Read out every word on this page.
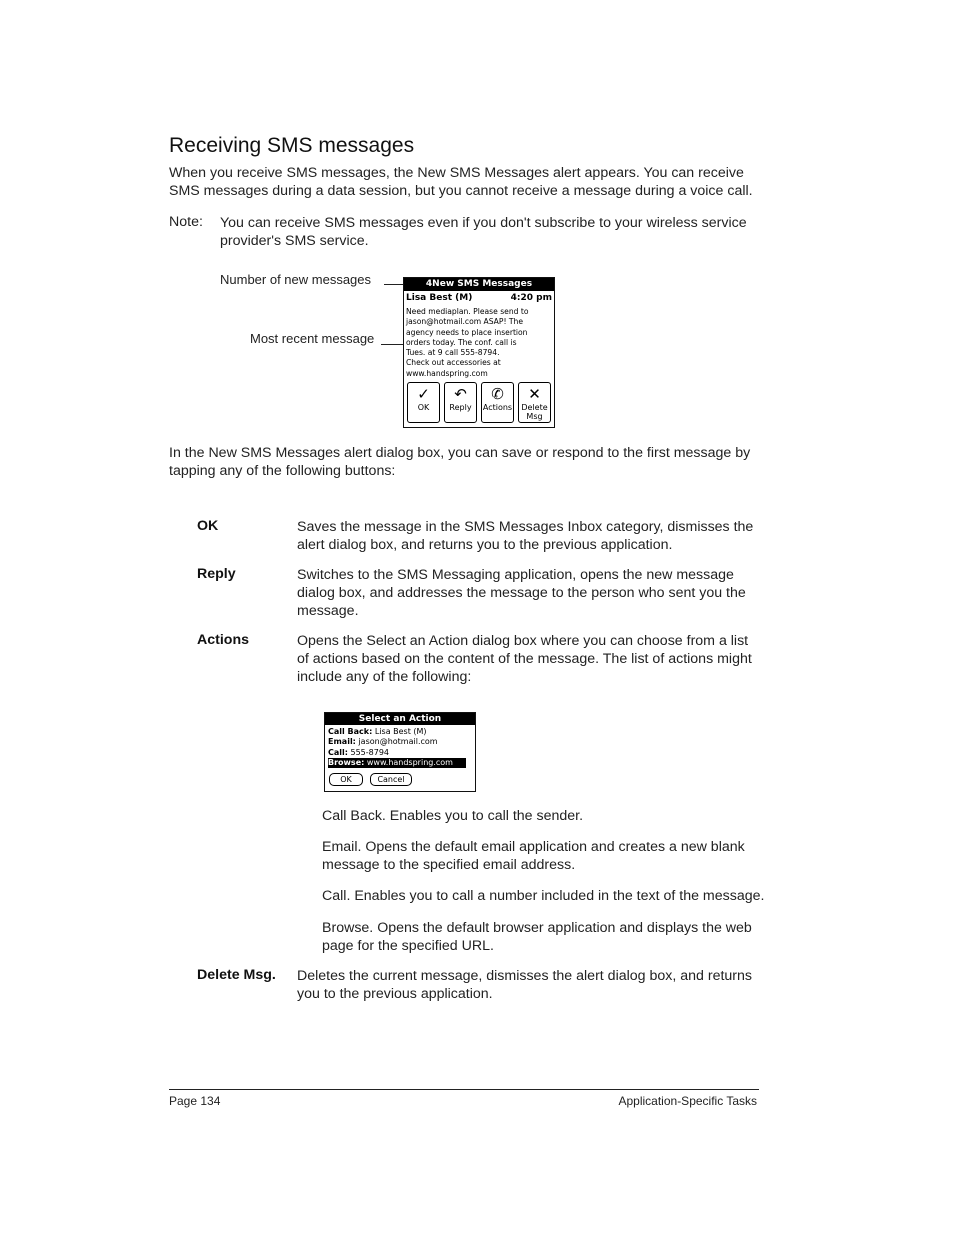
Receiving SMS messages
When you receive SMS messages, the New SMS Messages alert appears. You can receive SMS messages during a data session, but you cannot receive a message during a voice call.
Note: You can receive SMS messages even if you don't subscribe to your wireless service provider's SMS service.
Number of new messages
Most recent message
4New SMS Messages
Lisa Best (M)	4:20 pm
Need mediaplan. Please send to
jason@hotmail.com ASAP! The
agency needs to place insertion
orders today. The conf. call is
Tues. at 9 call 555-8794.
Check out accessories at
www.handspring.com
✓
OK
↶
Reply
✆
Actions
✕
Delete Msg
In the New SMS Messages alert dialog box, you can save or respond to the first message by tapping any of the following buttons:
OK	Saves the message in the SMS Messages Inbox category, dismisses the alert dialog box, and returns you to the previous application.
Reply	Switches to the SMS Messaging application, opens the new message dialog box, and addresses the message to the person who sent you the message.
Actions	Opens the Select an Action dialog box where you can choose from a list of actions based on the content of the message. The list of actions might include any of the following:
Select an Action
Call Back: Lisa Best (M)
Email: jason@hotmail.com
Call: 555-8794
Browse: www.handspring.com
OK	Cancel
Call Back. Enables you to call the sender.
Email. Opens the default email application and creates a new blank message to the specified email address.
Call. Enables you to call a number included in the text of the message.
Browse. Opens the default browser application and displays the web page for the specified URL.
Delete Msg. Deletes the current message, dismisses the alert dialog box, and returns you to the previous application.
Page 134	Application-Specific Tasks
